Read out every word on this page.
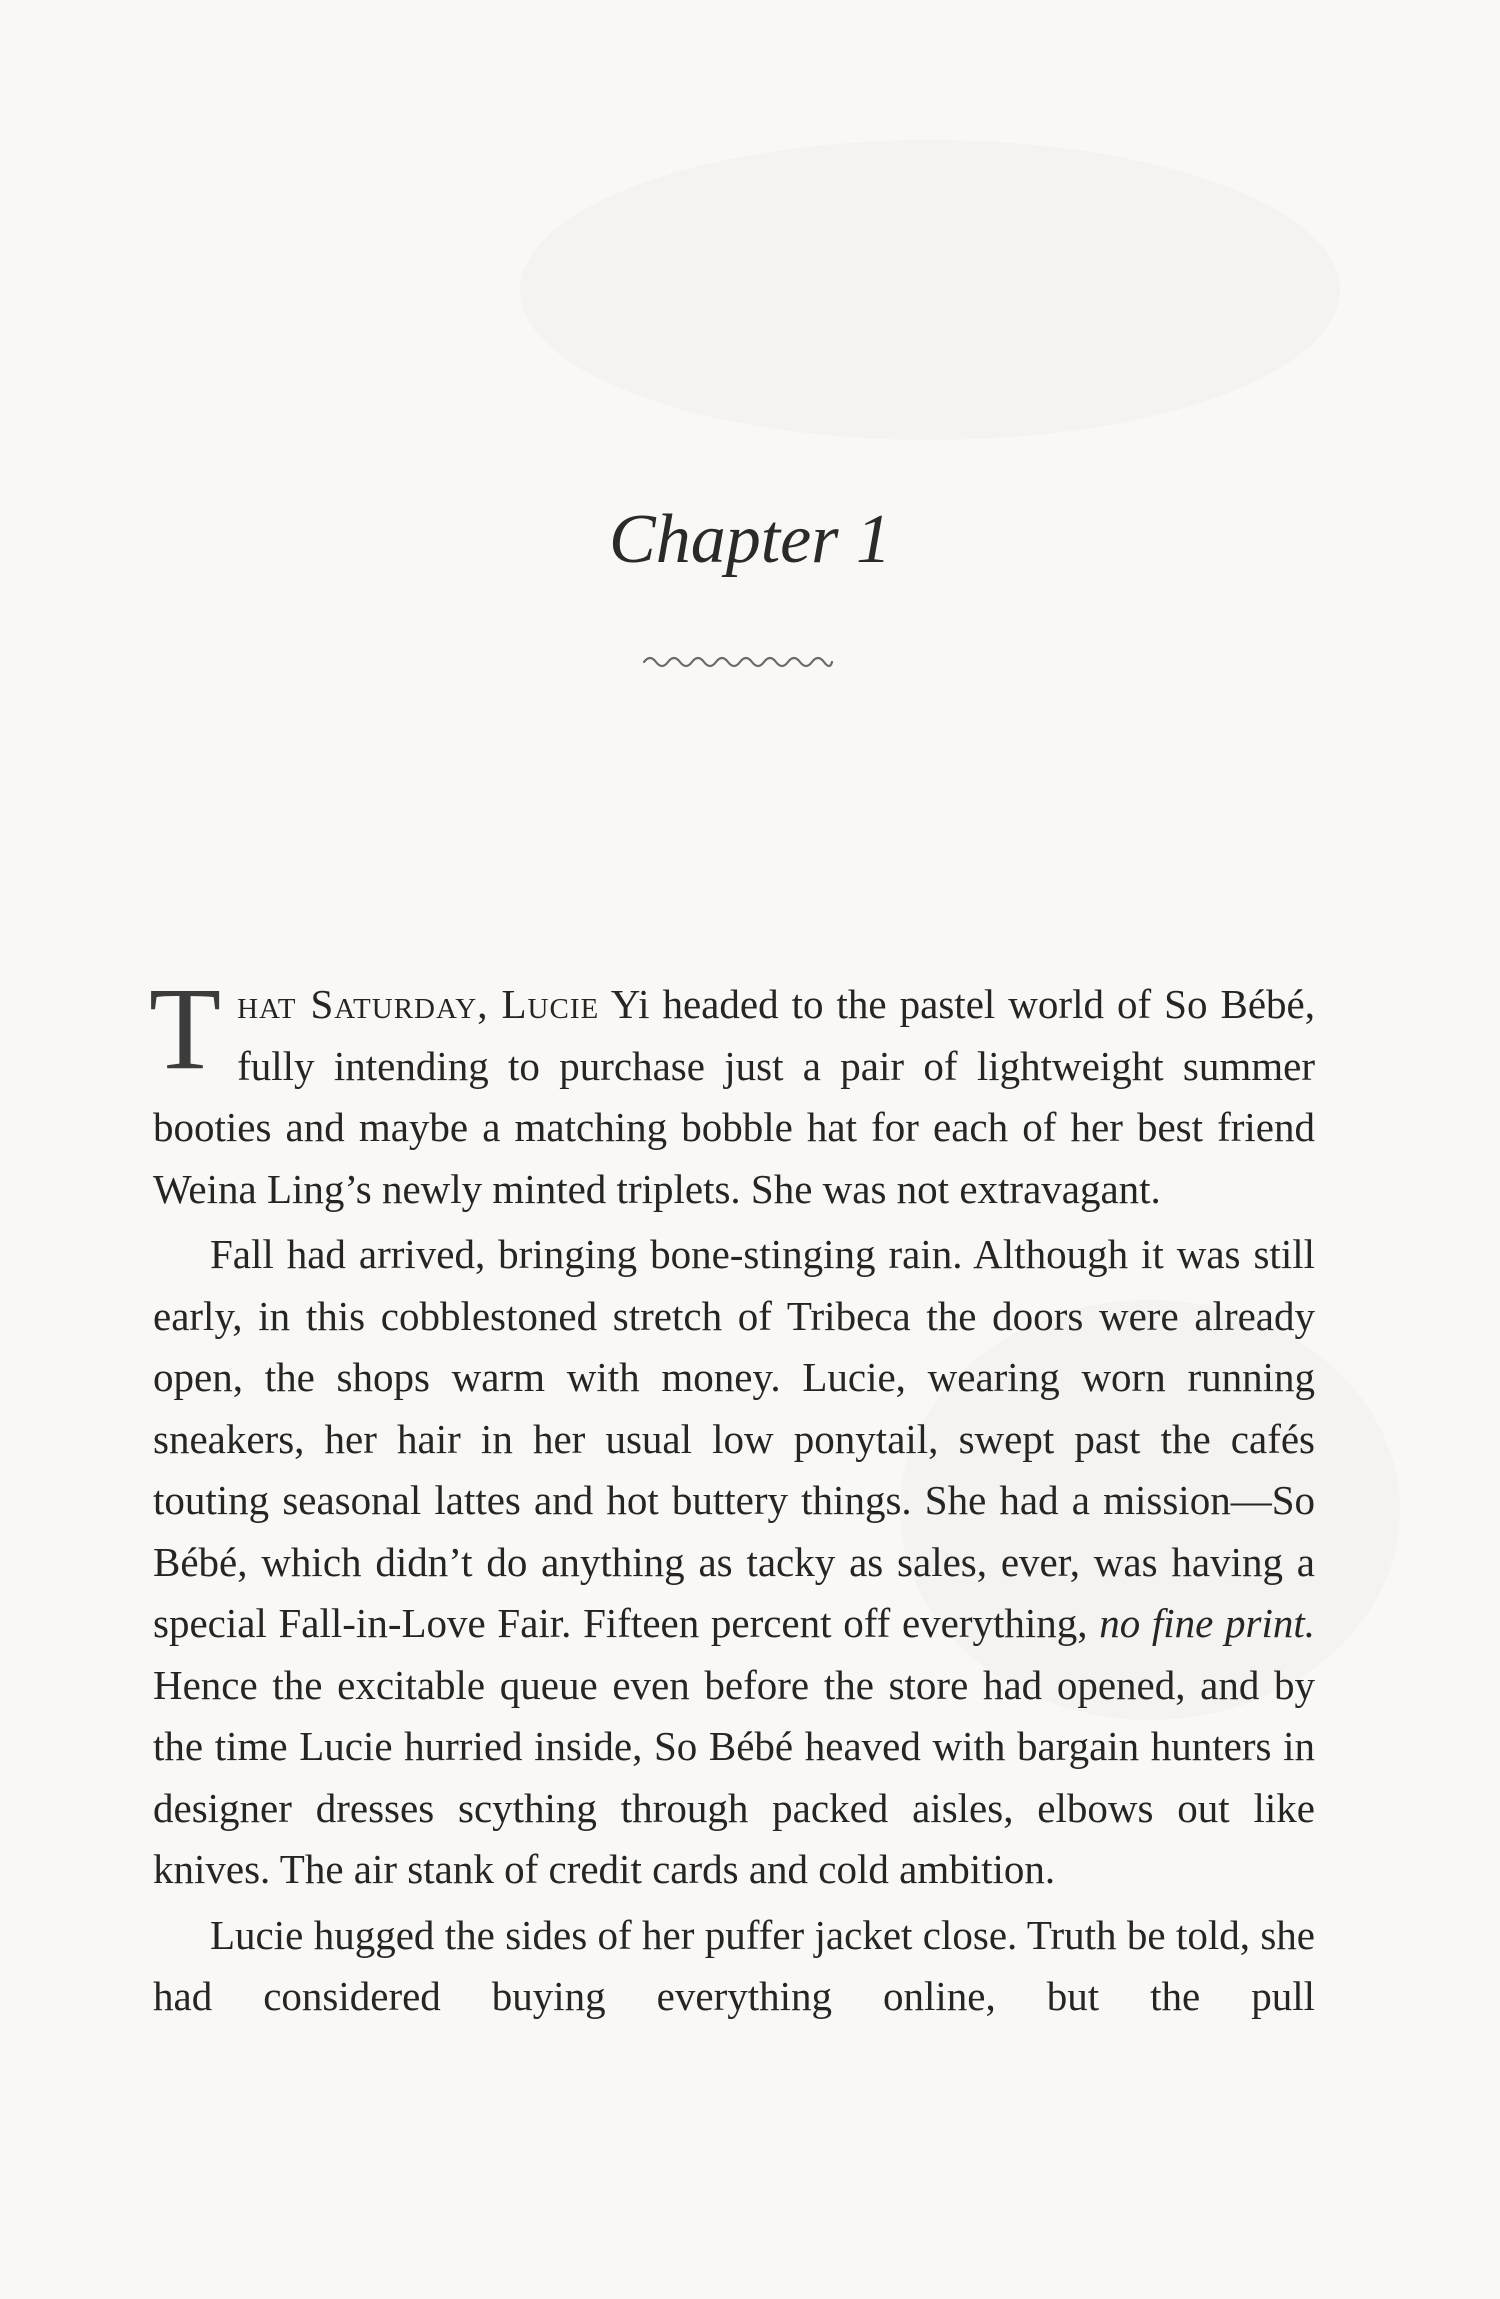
Chapter 1

That Saturday, Lucie Yi headed to the pastel world of So Bébé, fully intending to purchase just a pair of lightweight summer booties and maybe a matching bobble hat for each of her best friend Weina Ling’s newly minted triplets. She was not extravagant.

Fall had arrived, bringing bone-stinging rain. Although it was still early, in this cobblestoned stretch of Tribeca the doors were already open, the shops warm with money. Lucie, wearing worn running sneakers, her hair in her usual low ponytail, swept past the cafés touting seasonal lattes and hot buttery things. She had a mission—So Bébé, which didn’t do anything as tacky as sales, ever, was having a special Fall-in-Love Fair. Fifteen percent off everything, no fine print. Hence the excitable queue even before the store had opened, and by the time Lucie hurried inside, So Bébé heaved with bargain hunters in designer dresses scything through packed aisles, elbows out like knives. The air stank of credit cards and cold ambition.

Lucie hugged the sides of her puffer jacket close. Truth be told, she had considered buying everything online, but the pull
